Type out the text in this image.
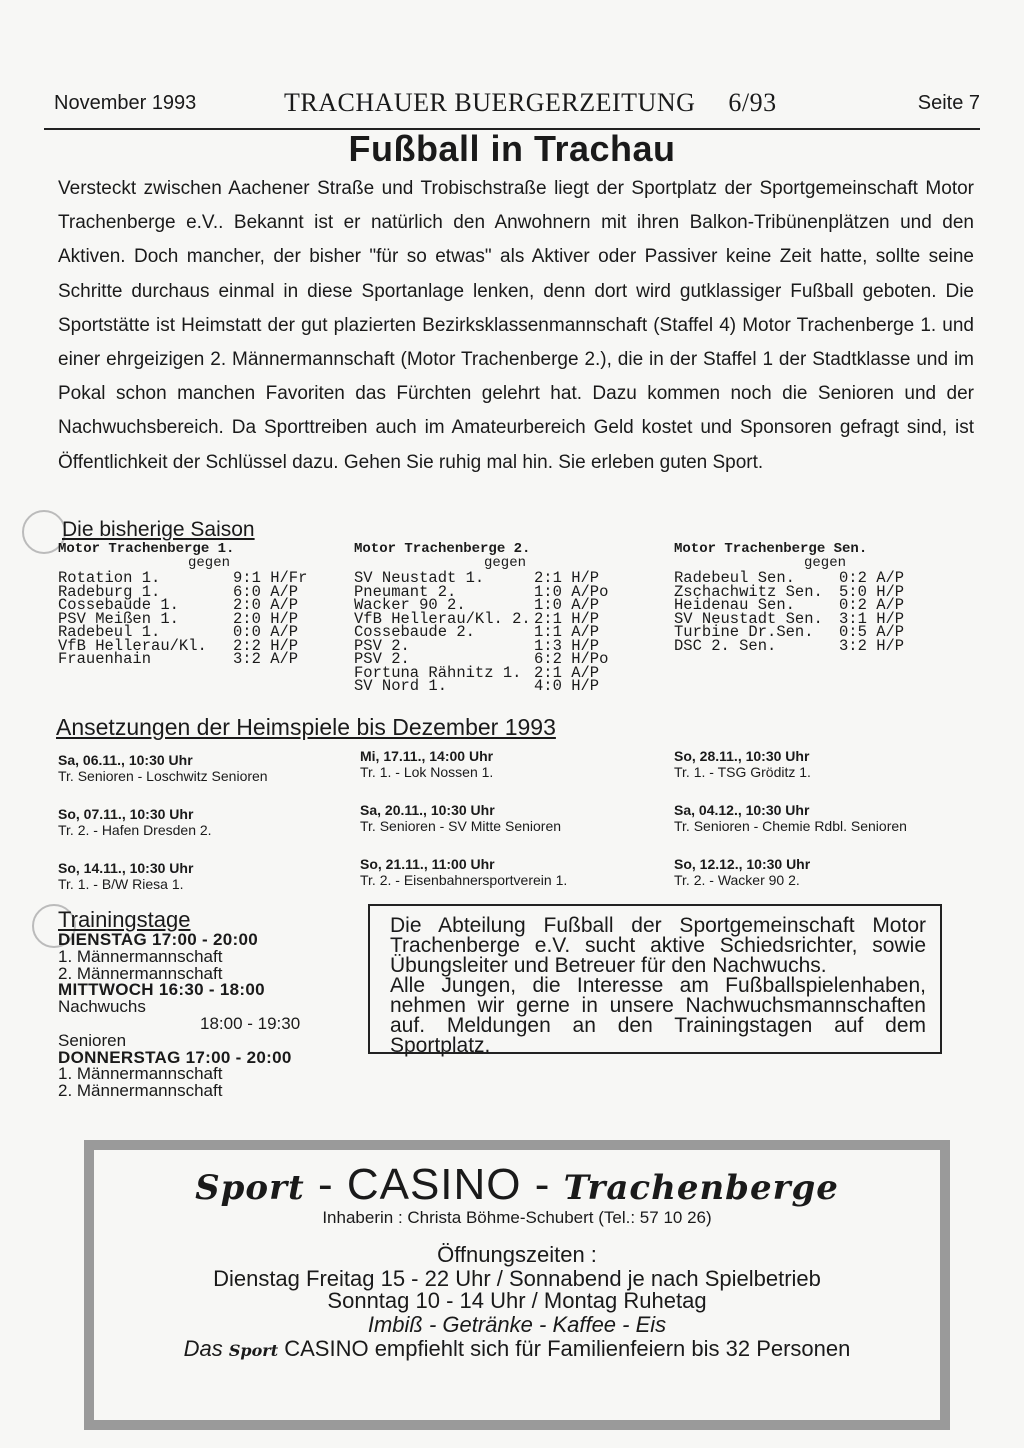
November 1993	TRACHAUER BUERGERZEITUNG 6/93	Seite 7
Fußball in Trachau
Versteckt zwischen Aachener Straße und Trobischstraße liegt der Sportplatz der Sportgemeinschaft Motor Trachenberge e.V.. Bekannt ist er natürlich den Anwohnern mit ihren Balkon-Tribünenplätzen und den Aktiven. Doch mancher, der bisher "für so etwas" als Aktiver oder Passiver keine Zeit hatte, sollte seine Schritte durchaus einmal in diese Sportanlage lenken, denn dort wird gutklassiger Fußball geboten. Die Sportstätte ist Heimstatt der gut plazierten Bezirksklassenmannschaft (Staffel 4) Motor Trachenberge 1. und einer ehrgeizigen 2. Männermannschaft (Motor Trachenberge 2.), die in der Staffel 1 der Stadtklasse und im Pokal schon manchen Favoriten das Fürchten gelehrt hat. Dazu kommen noch die Senioren und der Nachwuchsbereich. Da Sporttreiben auch im Amateurbereich Geld kostet und Sponsoren gefragt sind, ist Öffentlichkeit der Schlüssel dazu. Gehen Sie ruhig mal hin. Sie erleben guten Sport.
Die bisherige Saison
Motor Trachenberge 1.
gegen
Rotation 1.	9:1 H/Fr
Radeburg 1.	6:0 A/P
Cossebaude 1.	2:0 A/P
PSV Meißen 1.	2:0 H/P
Radebeul 1.	0:0 A/P
VfB Hellerau/Kl.	2:2 H/P
Frauenhain	3:2 A/P
Motor Trachenberge 2.
gegen
SV Neustadt 1.	2:1 H/P
Pneumant 2.	1:0 A/Po
Wacker 90 2.	1:0 A/P
VfB Hellerau/Kl. 2. 2:1 H/P
Cossebaude 2.	1:1 A/P
PSV 2.	1:3 H/P
PSV 2.	6:2 H/Po
Fortuna Rähnitz 1. 2:1 A/P
SV Nord 1.	4:0 H/P
Motor Trachenberge Sen.
gegen
Radebeul Sen.	0:2 A/P
Zschachwitz Sen.	5:0 H/P
Heidenau Sen.	0:2 A/P
SV Neustadt Sen.	3:1 H/P
Turbine Dr.Sen.	0:5 A/P
DSC 2. Sen.	3:2 H/P
Ansetzungen der Heimspiele bis Dezember 1993
Sa, 06.11., 10:30 Uhr
Tr. Senioren - Loschwitz Senioren
So, 07.11., 10:30 Uhr
Tr. 2. - Hafen Dresden 2.
So, 14.11., 10:30 Uhr
Tr. 1. - B/W Riesa 1.
Mi, 17.11., 14:00 Uhr
Tr. 1. - Lok Nossen 1.
Sa, 20.11., 10:30 Uhr
Tr. Senioren - SV Mitte Senioren
So, 21.11., 11:00 Uhr
Tr. 2. - Eisenbahnersportverein 1.
So, 28.11., 10:30 Uhr
Tr. 1. - TSG Gröditz 1.
Sa, 04.12., 10:30 Uhr
Tr. Senioren - Chemie Rdbl. Senioren
So, 12.12., 10:30 Uhr
Tr. 2. - Wacker 90 2.
Trainingstage
DIENSTAG 17:00 - 20:00
1. Männermannschaft
2. Männermannschaft
MITTWOCH 16:30 - 18:00
Nachwuchs
18:00 - 19:30
Senioren
DONNERSTAG 17:00 - 20:00
1. Männermannschaft
2. Männermannschaft
Die Abteilung Fußball der Sportgemeinschaft Motor Trachenberge e.V. sucht aktive Schiedsrichter, sowie Übungsleiter und Betreuer für den Nachwuchs.
Alle Jungen, die Interesse am Fußballspielenhaben, nehmen wir gerne in unsere Nachwuchsmannschaften auf. Meldungen an den Trainingstagen auf dem Sportplatz.
Sport - CASINO - Trachenberge
Inhaberin : Christa Böhme-Schubert (Tel.: 57 10 26)
Öffnungszeiten :
Dienstag Freitag 15 - 22 Uhr / Sonnabend je nach Spielbetrieb
Sonntag 10 - 14 Uhr / Montag Ruhetag
Imbiß - Getränke - Kaffee - Eis
Das Sport CASINO empfiehlt sich für Familienfeiern bis 32 Personen
